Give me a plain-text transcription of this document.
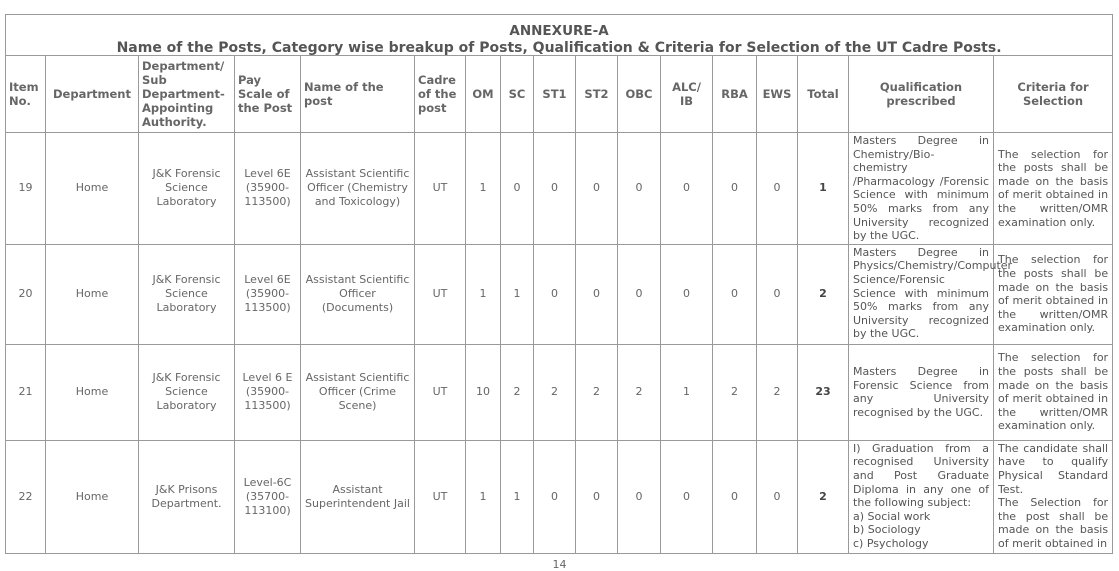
ANNEXURE-A
Name of the Posts, Category wise breakup of Posts, Qualification & Criteria for Selection of the UT Cadre Posts.																

Item No.	Department	Department/ Sub Department- Appointing Authority.	Pay Scale of the Post	Name of the post	Cadre of the post	OM	SC	ST1	ST2	OBC	ALC/ IB	RBA	EWS	Total	Qualification prescribed	Criteria for Selection
19	Home	J&K Forensic Science Laboratory	Level 6E (35900-113500)	Assistant Scientific Officer (Chemistry and Toxicology)	UT	1	0	0	0	0	0	0	0	1	Masters Degree in Chemistry/Bio-chemistry /Pharmacology /Forensic Science with minimum 50% marks from any University recognized by the UGC.	The selection for the posts shall be made on the basis of merit obtained in the written/OMR examination only.
20	Home	J&K Forensic Science Laboratory	Level 6E (35900-113500)	Assistant Scientific Officer (Documents)	UT	1	1	0	0	0	0	0	0	2	Masters Degree in Physics/Chemistry/Computer Science/Forensic Science with minimum 50% marks from any University recognized by the UGC.	The selection for the posts shall be made on the basis of merit obtained in the written/OMR examination only.
21	Home	J&K Forensic Science Laboratory	Level 6 E (35900-113500)	Assistant Scientific Officer (Crime Scene)	UT	10	2	2	2	2	1	2	2	23	Masters Degree in Forensic Science from any University recognised by the UGC.	The selection for the posts shall be made on the basis of merit obtained in the written/OMR examination only.
22	Home	J&K Prisons Department.	Level-6C (35700-113100)	Assistant Superintendent Jail	UT	1	1	0	0	0	0	0	0	2	I) Graduation from a recognised University and Post Graduate Diploma in any one of the following subject:
a) Social work
b) Sociology
c) Psychology	The candidate shall have to qualify Physical Standard Test.
The Selection for the post shall be made on the basis of merit obtained in
14
